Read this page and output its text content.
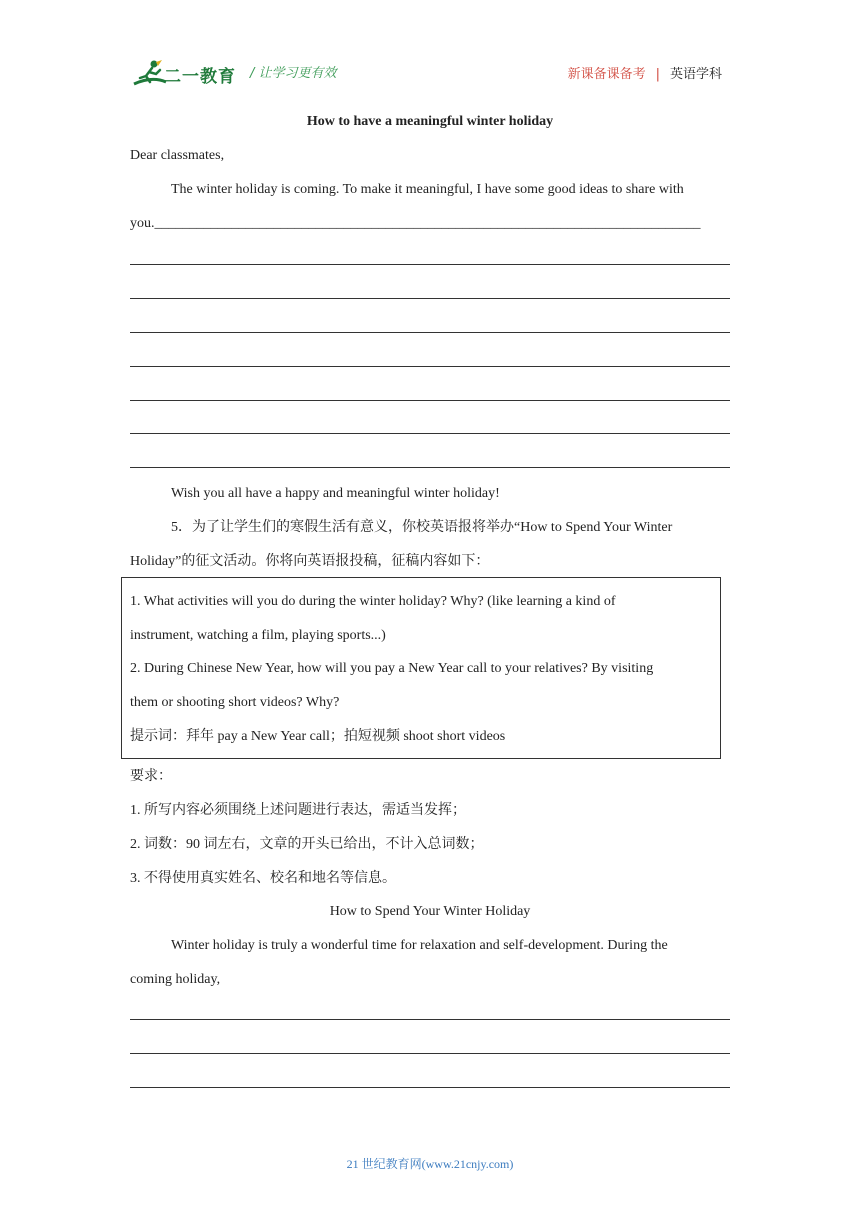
二一教育 / 让学习更有效	新课备课备考 | 英语学科
How to have a meaningful winter holiday
Dear classmates,
The winter holiday is coming. To make it meaningful, I have some good ideas to share with
you.______________________________________________________________________________
Wish you all have a happy and meaningful winter holiday!
5．为了让学生们的寒假生活有意义，你校英语报将举办“How to Spend Your Winter
Holiday”的征文活动。你将向英语报投稿，征稿内容如下：
1. What activities will you do during the winter holiday? Why? (like learning a kind of
instrument, watching a film, playing sports...)
2. During Chinese New Year, how will you pay a New Year call to your relatives? By visiting
them or shooting short videos? Why?
提示词：拜年 pay a New Year call；拍短视频 shoot short videos
要求：
1. 所写内容必须围绕上述问题进行表达，需适当发挥；
2. 词数：90 词左右，文章的开头已给出，不计入总词数；
3. 不得使用真实姓名、校名和地名等信息。
How to Spend Your Winter Holiday
Winter holiday is truly a wonderful time for relaxation and self-development. During the
coming holiday,
21 世纪教育网(www.21cnjy.com)
